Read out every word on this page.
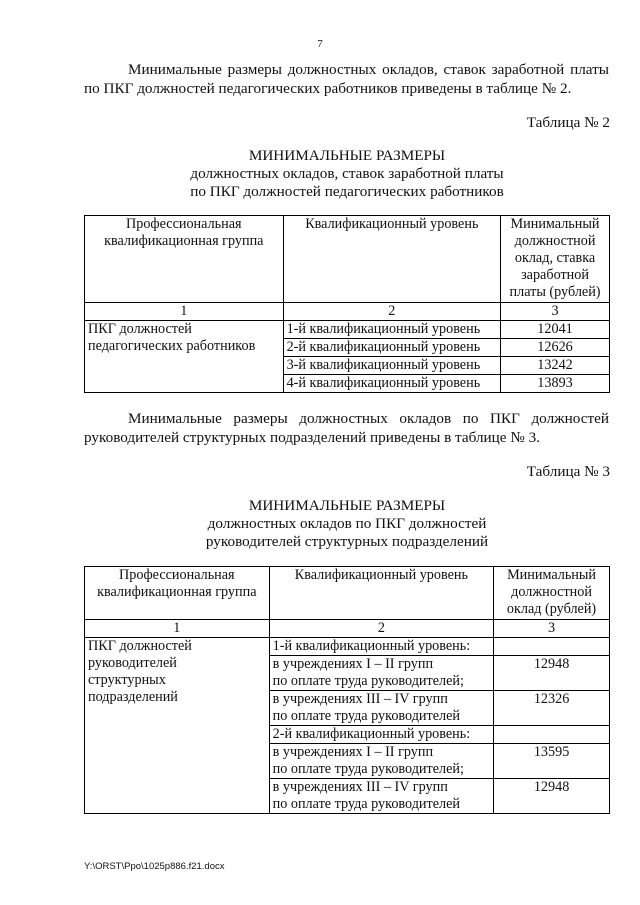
7
Минимальные размеры должностных окладов, ставок заработной платы
по ПКГ должностей педагогических работников приведены в таблице № 2.
Таблица № 2
МИНИМАЛЬНЫЕ РАЗМЕРЫ
должностных окладов, ставок заработной платы
по ПКГ должностей педагогических работников
Профессиональная квалификационная группа	Квалификационный уровень	Минимальный должностной оклад, ставка заработной платы (рублей)
1	2	3
ПКГ должностей педагогических работников	1-й квалификационный уровень	12041
	2-й квалификационный уровень	12626
	3-й квалификационный уровень	13242
	4-й квалификационный уровень	13893
Минимальные размеры должностных окладов по ПКГ должностей
руководителей структурных подразделений приведены в таблице № 3.
Таблица № 3
МИНИМАЛЬНЫЕ РАЗМЕРЫ
должностных окладов по ПКГ должностей
руководителей структурных подразделений
Профессиональная квалификационная группа	Квалификационный уровень	Минимальный должностной оклад (рублей)
1	2	3

ПКГ должностей
руководителей
структурных
подразделений	1-й квалификационный уровень:	

	в учреждениях I – II групп
по оплате труда руководителей;	12948

	в учреждениях III – IV групп
по оплате труда руководителей	12326

	2-й квалификационный уровень:	

	в учреждениях I – II групп
по оплате труда руководителей;	13595

	в учреждениях III – IV групп
по оплате труда руководителей	12948
Y:\ORST\Ppo\1025p886.f21.docx
